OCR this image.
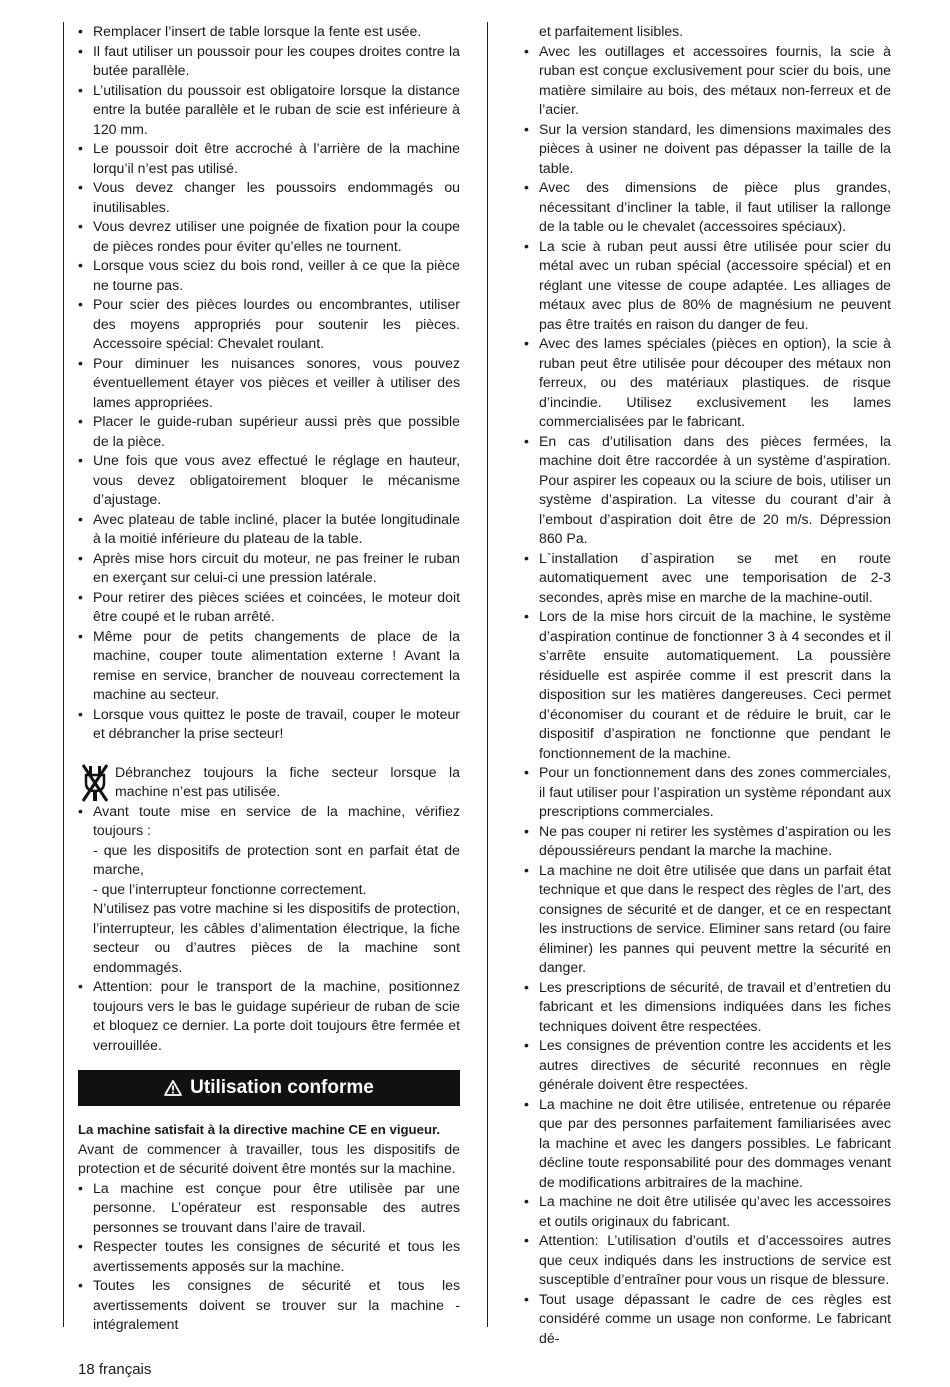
• Remplacer l’insert de table lorsque la fente est usée.
• Il faut utiliser un poussoir pour les coupes droites contre la butée parallèle.
• L’utilisation du poussoir est obligatoire lorsque la distance entre la butée parallèle et le ruban de scie est inférieure à 120 mm.
• Le poussoir doit être accroché à l’arrière de la machine lorqu’il n’est pas utilisé.
• Vous devez changer les poussoirs endommagés ou inutilisables.
• Vous devrez utiliser une poignée de fixation pour la coupe de pièces rondes pour éviter qu’elles ne tournent.
• Lorsque vous sciez du bois rond, veiller à ce que la pièce ne tourne pas.
• Pour scier des pièces lourdes ou encombrantes, utiliser des moyens appropriés pour soutenir les pièces. Accessoire spécial: Chevalet roulant.
• Pour diminuer les nuisances sonores, vous pouvez éventuellement étayer vos pièces et veiller à utiliser des lames appropriées.
• Placer le guide-ruban supérieur aussi près que possible de la pièce.
• Une fois que vous avez effectué le réglage en hauteur, vous devez obligatoirement bloquer le mécanisme d’ajustage.
• Avec plateau de table incliné, placer la butée longitudinale à la moitié inférieure du plateau de la table.
• Après mise hors circuit du moteur, ne pas freiner le ruban en exerçant sur celui-ci une pression latérale.
• Pour retirer des pièces sciées et coincées, le moteur doit être coupé et le ruban arrêté.
• Même pour de petits changements de place de la machine, couper toute alimentation externe ! Avant la remise en service, brancher de nouveau correctement la machine au secteur.
• Lorsque vous quittez le poste de travail, couper le moteur et débrancher la prise secteur!
Débranchez toujours la fiche secteur lorsque la machine n’est pas utilisée.
• Avant toute mise en service de la machine, vérifiez toujours :
- que les dispositifs de protection sont en parfait état de marche,
- que l’interrupteur fonctionne correctement.
N’utilisez pas votre machine si les dispositifs de protection, l’interrupteur, les câbles d’alimentation électrique, la fiche secteur ou d’autres pièces de la machine sont endommagés.
• Attention: pour le transport de la machine, positionnez toujours vers le bas le guidage supérieur de ruban de scie et bloquez ce dernier. La porte doit toujours être fermée et verrouillée.
Utilisation conforme

La machine satisfait à la directive machine CE en vigueur.

Avant de commencer à travailler, tous les dispositifs de protection et de sécurité doivent être montés sur la machine.

• La machine est conçue pour être utilisèe par une personne. L’opérateur est responsable des autres personnes se trouvant dans l’aire de travail.
• Respecter toutes les consignes de sécurité et tous les avertissements apposés sur la machine.
• Toutes les consignes de sécurité et tous les avertissements doivent se trouver sur la machine - intégralement
et parfaitement lisibles.
• Avec les outillages et accessoires fournis, la scie à ruban est conçue exclusivement pour scier du bois, une matière similaire au bois, des métaux non-ferreux et de l’acier.
• Sur la version standard, les dimensions maximales des pièces à usiner ne doivent pas dépasser la taille de la table.
• Avec des dimensions de pièce plus grandes, nécessitant d’incliner la table, il faut utiliser la rallonge de la table ou le chevalet (accessoires spéciaux).
• La scie à ruban peut aussi être utilisée pour scier du métal avec un ruban spécial (accessoire spécial) et en réglant une vitesse de coupe adaptée. Les alliages de métaux avec plus de 80% de magnésium ne peuvent pas être traités en raison du danger de feu.
• Avec des lames spéciales (pièces en option), la scie à ruban peut être utilisée pour découper des métaux non ferreux, ou des matériaux plastiques. de risque d’incindie. Utilisez exclusivement les lames commercialisées par le fabricant.
• En cas d’utilisation dans des pièces fermées, la machine doit être raccordée à un système d’aspiration. Pour aspirer les copeaux ou la sciure de bois, utiliser un système d’aspiration. La vitesse du courant d’air à l’embout d’aspiration doit être de 20 m/s. Dépression 860 Pa.
• L`installation d`aspiration se met en route automatiquement avec une temporisation de 2-3 secondes, après mise en marche de la machine-outil.
• Lors de la mise hors circuit de la machine, le système d’aspiration continue de fonctionner 3 à 4 secondes et il s’arrête ensuite automatiquement. La poussière résiduelle est aspirée comme il est prescrit dans la disposition sur les matières dangereuses. Ceci permet d’économiser du courant et de réduire le bruit, car le dispositif d’aspiration ne fonctionne que pendant le fonctionnement de la machine.
• Pour un fonctionnement dans des zones commerciales, il faut utiliser pour l’aspiration un système répondant aux prescriptions commerciales.
• Ne pas couper ni retirer les systèmes d’aspiration ou les dépoussiéreurs pendant la marche la machine.
• La machine ne doit être utilisée que dans un parfait état technique et que dans le respect des règles de l’art, des consignes de sécurité et de danger, et ce en respectant les instructions de service. Eliminer sans retard (ou faire éliminer) les pannes qui peuvent mettre la sécurité en danger.
• Les prescriptions de sécurité, de travail et d’entretien du fabricant et les dimensions indiquées dans les fiches techniques doivent être respectées.
• Les consignes de prévention contre les accidents et les autres directives de sécurité reconnues en règle générale doivent être respectées.
• La machine ne doit être utilisée, entretenue ou réparée que par des personnes parfaitement familiarisées avec la machine et avec les dangers possibles. Le fabricant décline toute responsabilité pour des dommages venant de modifications arbitraires de la machine.
• La machine ne doit être utilisée qu’avec les accessoires et outils originaux du fabricant.
• Attention: L’utilisation d’outils et d’accessoires autres que ceux indiqués dans les instructions de service est susceptible d’entraîner pour vous un risque de blessure.
• Tout usage dépassant le cadre de ces règles est considéré comme un usage non conforme. Le fabricant dé-
18 français
